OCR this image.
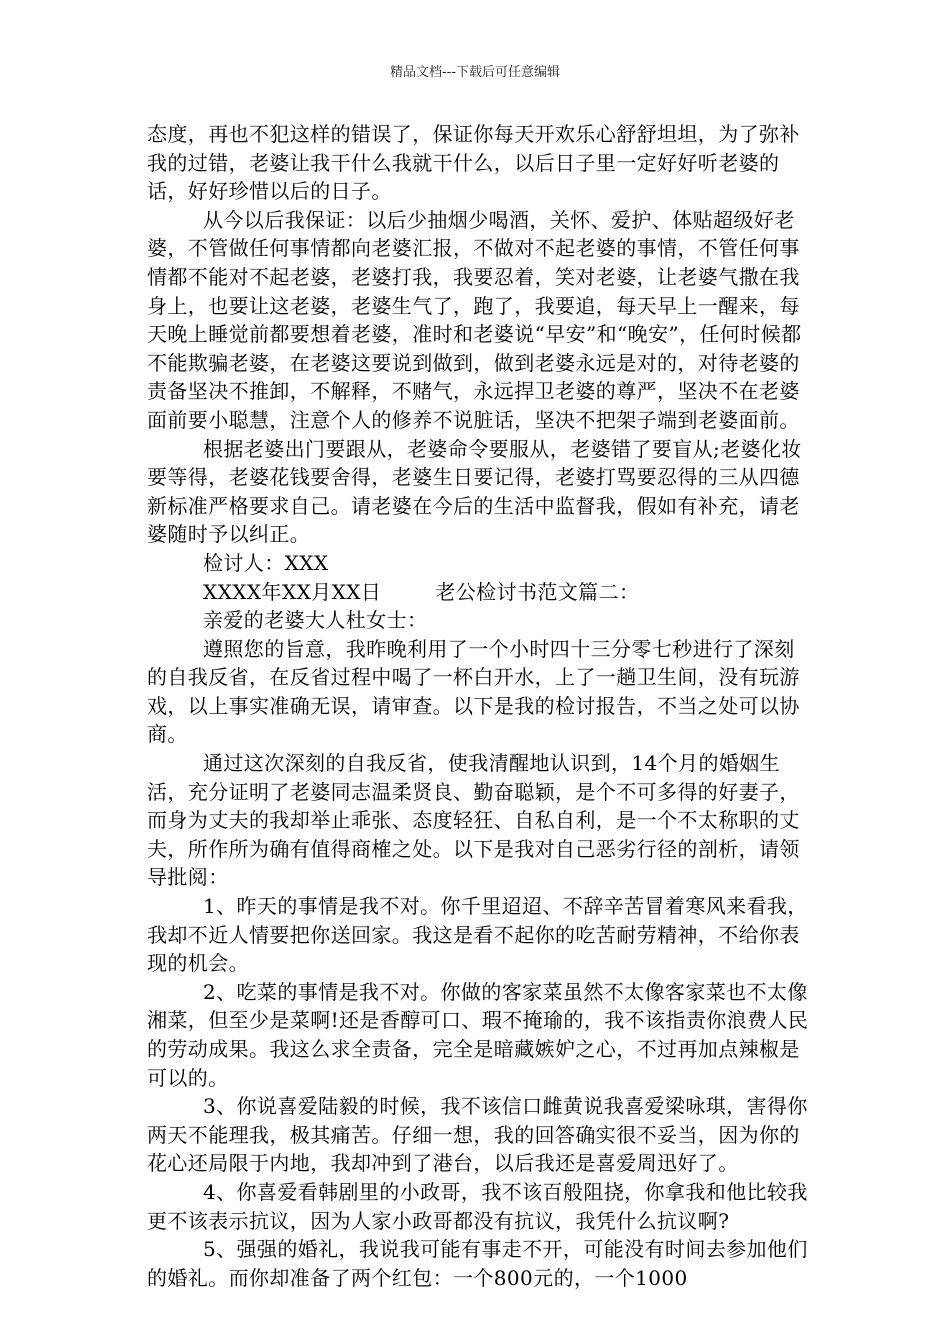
精品文档---下载后可任意编辑

态度，再也不犯这样的错误了，保证你每天开欢乐心舒舒坦坦，为了弥补我的过错，老婆让我干什么我就干什么，以后日子里一定好好听老婆的话，好好珍惜以后的日子。

从今以后我保证：以后少抽烟少喝酒，关怀、爱护、体贴超级好老婆，不管做任何事情都向老婆汇报，不做对不起老婆的事情，不管任何事情都不能对不起老婆，老婆打我，我要忍着，笑对老婆，让老婆气撒在我身上，也要让这老婆，老婆生气了，跑了，我要追，每天早上一醒来，每天晚上睡觉前都要想着老婆，准时和老婆说“早安”和“晚安”，任何时候都不能欺骗老婆，在老婆这要说到做到，做到老婆永远是对的，对待老婆的责备坚决不推卸，不解释，不赌气，永远捍卫老婆的尊严，坚决不在老婆面前要小聪慧，注意个人的修养不说脏话，坚决不把架子端到老婆面前。

根据老婆出门要跟从，老婆命令要服从，老婆错了要盲从;老婆化妆要等得，老婆花钱要舍得，老婆生日要记得，老婆打骂要忍得的三从四德新标准严格要求自己。请老婆在今后的生活中监督我，假如有补充，请老婆随时予以纠正。

检讨人：XXX

XXXX年XX月XX日        老公检讨书范文篇二：

亲爱的老婆大人杜女士：

遵照您的旨意，我昨晚利用了一个小时四十三分零七秒进行了深刻的自我反省，在反省过程中喝了一杯白开水，上了一趟卫生间，没有玩游戏，以上事实准确无误，请审查。以下是我的检讨报告，不当之处可以协商。

通过这次深刻的自我反省，使我清醒地认识到，14个月的婚姻生活，充分证明了老婆同志温柔贤良、勤奋聪颖，是个不可多得的好妻子，而身为丈夫的我却举止乖张、态度轻狂、自私自利，是一个不太称职的丈夫，所作所为确有值得商榷之处。以下是我对自己恶劣行径的剖析，请领导批阅：

1、昨天的事情是我不对。你千里迢迢、不辞辛苦冒着寒风来看我，我却不近人情要把你送回家。我这是看不起你的吃苦耐劳精神，不给你表现的机会。

2、吃菜的事情是我不对。你做的客家菜虽然不太像客家菜也不太像湘菜，但至少是菜啊!还是香醇可口、瑕不掩瑜的，我不该指责你浪费人民的劳动成果。我这么求全责备，完全是暗藏嫉妒之心，不过再加点辣椒是可以的。

3、你说喜爱陆毅的时候，我不该信口雌黄说我喜爱梁咏琪，害得你两天不能理我，极其痛苦。仔细一想，我的回答确实很不妥当，因为你的花心还局限于内地，我却冲到了港台，以后我还是喜爱周迅好了。

4、你喜爱看韩剧里的小政哥，我不该百般阻挠，你拿我和他比较我更不该表示抗议，因为人家小政哥都没有抗议，我凭什么抗议啊?

5、强强的婚礼，我说我可能有事走不开，可能没有时间去参加他们的婚礼。而你却准备了两个红包：一个800元的，一个1000
